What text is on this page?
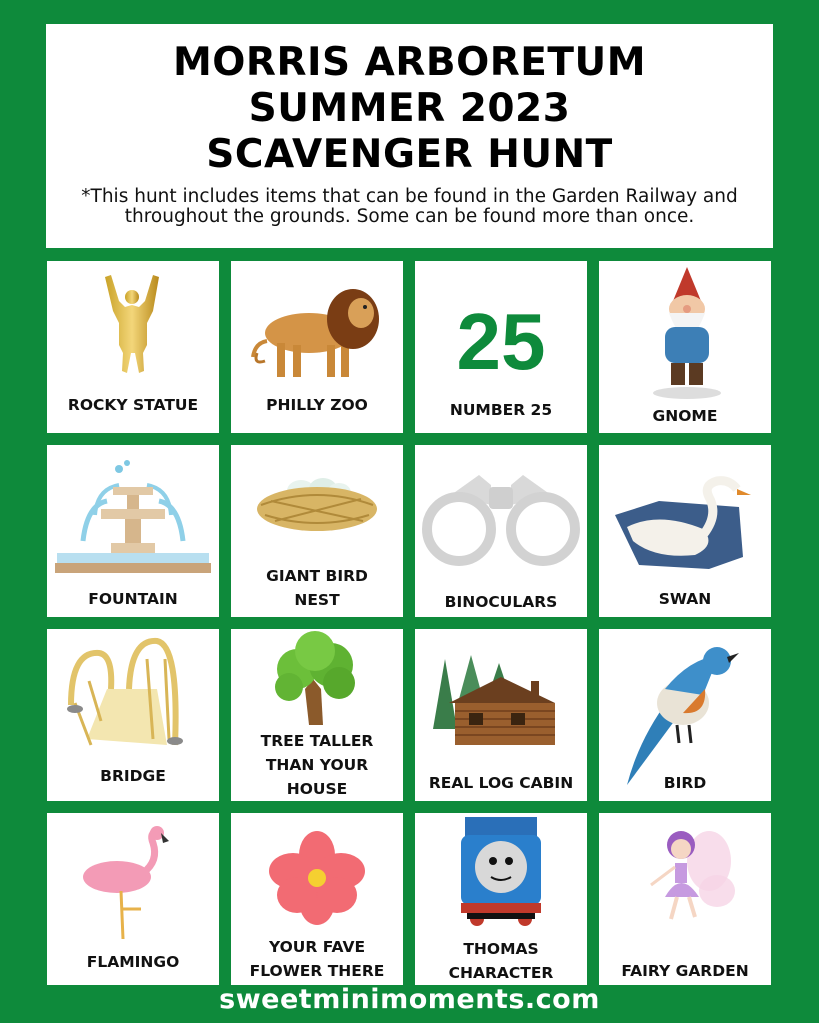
MORRIS ARBORETUM
SUMMER 2023
SCAVENGER HUNT
*This hunt includes items that can be found in the Garden Railway and
throughout the grounds. Some can be found more than once.
ROCKY STATUE	PHILLY ZOO
25
NUMBER 25	GNOME
FOUNTAIN
GIANT BIRD
NEST	BINOCULARS	SWAN
BRIDGE
TREE TALLER
THAN YOUR
HOUSE	REAL LOG CABIN	BIRD
FLAMINGO
YOUR FAVE
FLOWER THERE
THOMAS
CHARACTER	FAIRY GARDEN
sweetminimoments.com
